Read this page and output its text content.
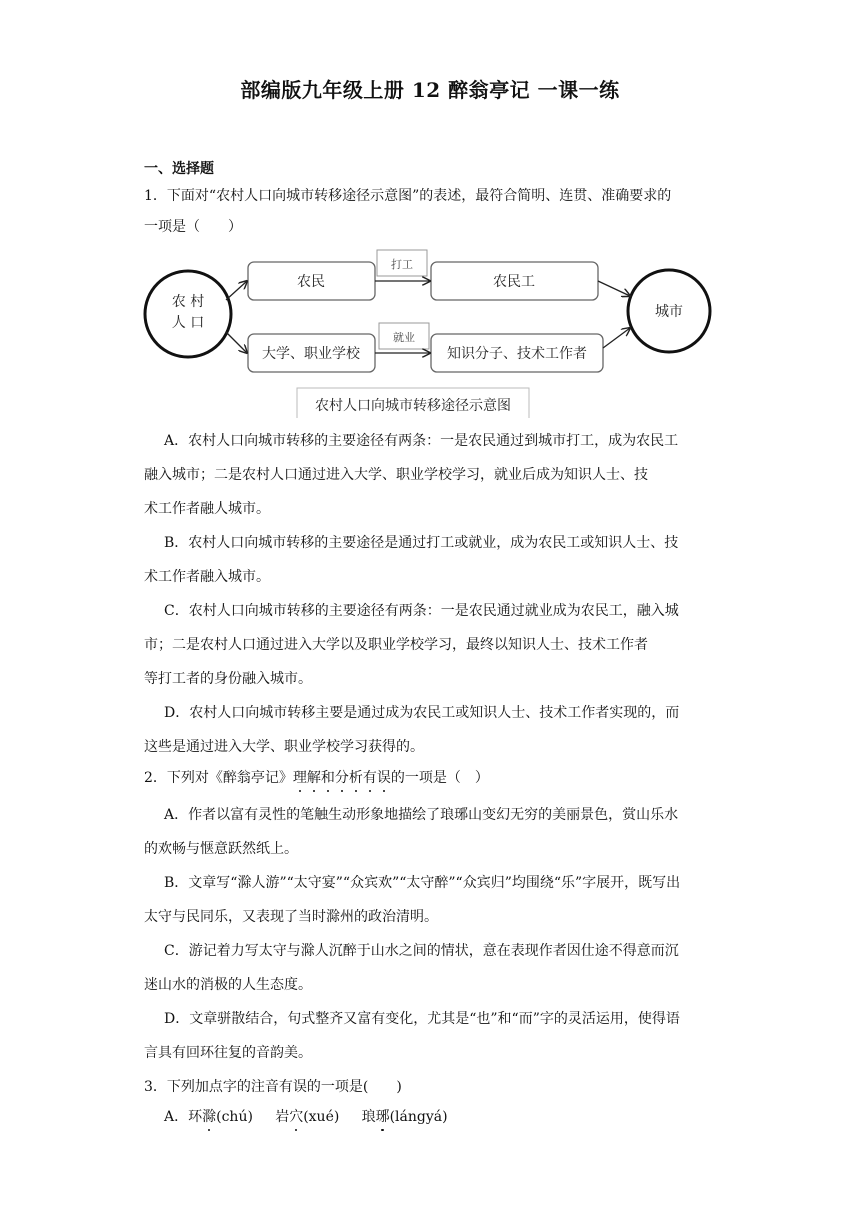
部编版九年级上册 12 醉翁亭记 一课一练
一、选择题
1．下面对“农村人口向城市转移途径示意图”的表述，最符合简明、连贯、准确要求的
一项是（　　）
农 村
人 口
城市
农民	农民工
打工
大学、职业学校	知识分子、技术工作者
就业
农村人口向城市转移途径示意图
A．农村人口向城市转移的主要途径有两条：一是农民通过到城市打工，成为农民工
融入城市；二是农村人口通过进入大学、职业学校学习，就业后成为知识人士、技
术工作者融人城市。
B．农村人口向城市转移的主要途径是通过打工或就业，成为农民工或知识人士、技
术工作者融入城市。
C．农村人口向城市转移的主要途径有两条：一是农民通过就业成为农民工，融入城
市；二是农村人口通过进入大学以及职业学校学习，最终以知识人士、技术工作者
等打工者的身份融入城市。
D．农村人口向城市转移主要是通过成为农民工或知识人士、技术工作者实现的，而
这些是通过进入大学、职业学校学习获得的。
2．下列对《醉翁亭记》理解和分析有误的一项是（　）
A．作者以富有灵性的笔触生动形象地描绘了琅琊山变幻无穷的美丽景色，赏山乐水
的欢畅与惬意跃然纸上。
B．文章写“滁人游”“太守宴”“众宾欢”“太守醉”“众宾归”均围绕“乐”字展开，既写出
太守与民同乐，又表现了当时滁州的政治清明。
C．游记着力写太守与滁人沉醉于山水之间的情状，意在表现作者因仕途不得意而沉
迷山水的消极的人生态度。
D．文章骈散结合，句式整齐又富有变化，尤其是“也”和“而”字的灵活运用，使得语
言具有回环往复的音韵美。
3．下列加点字的注音有误的一项是(　　)
A．环滁(chú) 岩穴(xué) 琅琊(lángyá)
